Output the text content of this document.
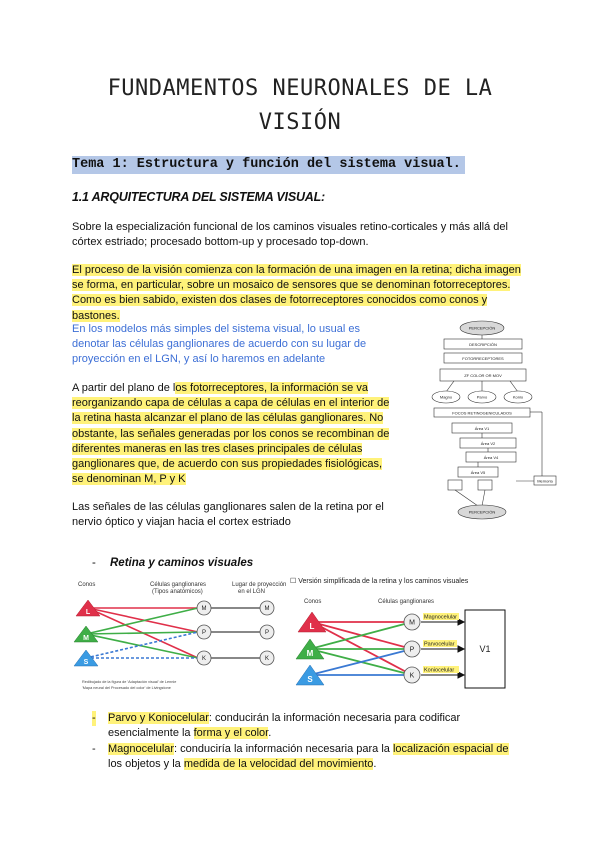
FUNDAMENTOS NEURONALES DE LA
VISIÓN
Tema 1: Estructura y función del sistema visual.
1.1 ARQUITECTURA DEL SISTEMA VISUAL:
Sobre la especialización funcional de los caminos visuales retino-corticales y más allá del
córtex estriado; procesado bottom-up y procesado top-down.
El proceso de la visión comienza con la formación de una imagen en la retina; dicha imagen
se forma, en particular, sobre un mosaico de sensores que se denominan fotorreceptores.
Como es bien sabido, existen dos clases de fotorreceptores conocidos como conos y
bastones.
En los modelos más simples del sistema visual, lo usual es
denotar las células ganglionares de acuerdo con su lugar de
proyección en el LGN, y así lo haremos en adelante
A partir del plano de los fotorreceptores, la información se va
reorganizando capa de células a capa de células en el interior de
la retina hasta alcanzar el plano de las células ganglionares. No
obstante, las señales generadas por los conos se recombinan de
diferentes maneras en las tres clases principales de células
ganglionares que, de acuerdo con sus propiedades fisiológicas,
se denominan M, P y K
Las señales de las células ganglionares salen de la retina por el
nervio óptico y viajan hacia el cortex estriado
PERCEPCIÓN
DESCRIPCIÓN
FOTORRECEPTORES
ZF COLOR OR MOV
Magno	Parvo	Konio
FOCOS RETINOGENICULADOS
Área V1
Área V2
Área V4
Área V5
Memoria
PERCEPCIÓN
- Retina y caminos visuales
Conos	Células ganglionares
(Tipos anatómicos)
Lugar de proyección
en el LGN
L
M
S
M
P
K
M
P
K
Redibujado de la figura de 'Adaptación visual' de Lennie
'Mapa neural del Procesado del color' de Livingstone
☐ Versión simplificada de la retina y los caminos visuales
Conos	Células ganglionares
L
M
S
M
P
K
Magnocelular
Parvocelular
Koniocelular
V1
- Parvo y Koniocelular: conducirán la información necesaria para codificar
esencialmente la forma y el color.
- Magnocelular: conduciría la información necesaria para la localización espacial de
los objetos y la medida de la velocidad del movimiento.
